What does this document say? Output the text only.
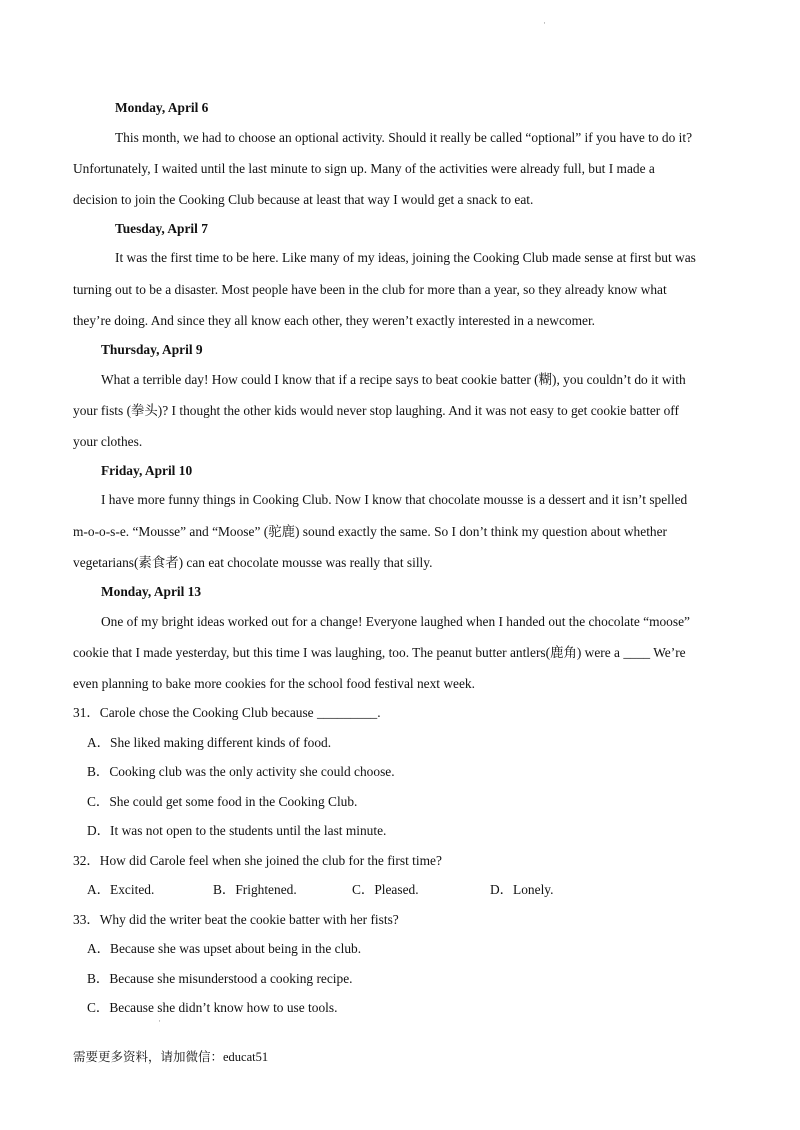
·
Monday, April 6
This month, we had to choose an optional activity. Should it really be called “optional” if you have to do it?
Unfortunately, I waited until the last minute to sign up. Many of the activities were already full, but I made a
decision to join the Cooking Club because at least that way I would get a snack to eat.
Tuesday, April 7
It was the first time to be here. Like many of my ideas, joining the Cooking Club made sense at first but was
turning out to be a disaster. Most people have been in the club for more than a year, so they already know what
they’re doing. And since they all know each other, they weren’t exactly interested in a newcomer.
Thursday, April 9
What a terrible day! How could I know that if a recipe says to beat cookie batter (糊), you couldn’t do it with
your fists (拳头)? I thought the other kids would never stop laughing. And it was not easy to get cookie batter off
your clothes.
Friday, April 10
I have more funny things in Cooking Club. Now I know that chocolate mousse is a dessert and it isn’t spelled
m-o-o-s-e. “Mousse” and “Moose” (驼鹿) sound exactly the same. So I don’t think my question about whether
vegetarians(素食者) can eat chocolate mousse was really that silly.
Monday, April 13
One of my bright ideas worked out for a change! Everyone laughed when I handed out the chocolate “moose”
cookie that I made yesterday, but this time I was laughing, too. The peanut butter antlers(鹿角) were a ____ We’re
even planning to bake more cookies for the school food festival next week.
31．Carole chose the Cooking Club because _________.
A．She liked making different kinds of food.
B．Cooking club was the only activity she could choose.
C．She could get some food in the Cooking Club.
D．It was not open to the students until the last minute.
32．How did Carole feel when she joined the club for the first time?
A．Excited.	B．Frightened.	C．Pleased.	D．Lonely.
33．Why did the writer beat the cookie batter with her fists?
A．Because she was upset about being in the club.
B．Because she misunderstood a cooking recipe.
C．Because she didn’t know how to use tools.
·
需要更多资料，请加微信：educat51
